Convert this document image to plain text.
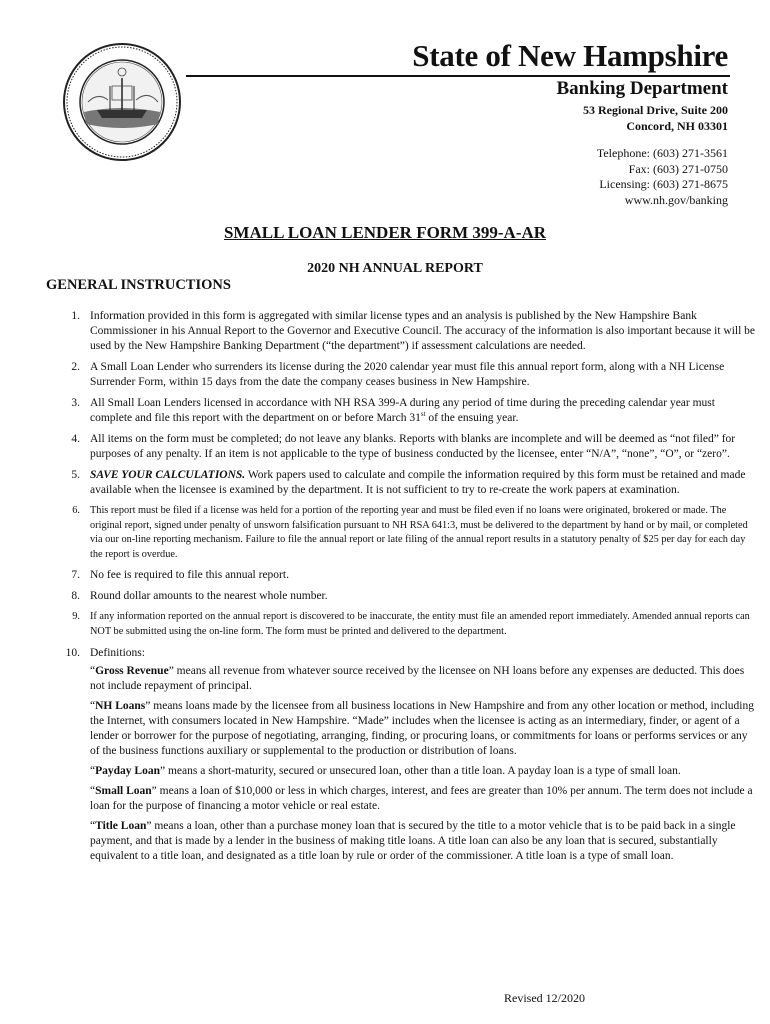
State of New Hampshire
Banking Department
53 Regional Drive, Suite 200
Concord, NH 03301
Telephone: (603) 271-3561
Fax: (603) 271-0750
Licensing: (603) 271-8675
www.nh.gov/banking
SMALL LOAN LENDER FORM 399-A-AR
2020 NH ANNUAL REPORT
GENERAL INSTRUCTIONS
1. Information provided in this form is aggregated with similar license types and an analysis is published by the New Hampshire Bank Commissioner in his Annual Report to the Governor and Executive Council. The accuracy of the information is also important because it will be used by the New Hampshire Banking Department (“the department”) if assessment calculations are needed.
2. A Small Loan Lender who surrenders its license during the 2020 calendar year must file this annual report form, along with a NH License Surrender Form, within 15 days from the date the company ceases business in New Hampshire.
3. All Small Loan Lenders licensed in accordance with NH RSA 399-A during any period of time during the preceding calendar year must complete and file this report with the department on or before March 31st of the ensuing year.
4. All items on the form must be completed; do not leave any blanks. Reports with blanks are incomplete and will be deemed as “not filed” for purposes of any penalty. If an item is not applicable to the type of business conducted by the licensee, enter “N/A”, “none”, “O”, or “zero”.
5. SAVE YOUR CALCULATIONS. Work papers used to calculate and compile the information required by this form must be retained and made available when the licensee is examined by the department. It is not sufficient to try to re-create the work papers at examination.
6. This report must be filed if a license was held for a portion of the reporting year and must be filed even if no loans were originated, brokered or made. The original report, signed under penalty of unsworn falsification pursuant to NH RSA 641:3, must be delivered to the department by hand or by mail, or completed via our on-line reporting mechanism. Failure to file the annual report or late filing of the annual report results in a statutory penalty of $25 per day for each day the report is overdue.
7. No fee is required to file this annual report.
8. Round dollar amounts to the nearest whole number.
9. If any information reported on the annual report is discovered to be inaccurate, the entity must file an amended report immediately. Amended annual reports can NOT be submitted using the on-line form. The form must be printed and delivered to the department.
10. Definitions:
“Gross Revenue” means all revenue from whatever source received by the licensee on NH loans before any expenses are deducted. This does not include repayment of principal.
“NH Loans” means loans made by the licensee from all business locations in New Hampshire and from any other location or method, including the Internet, with consumers located in New Hampshire. “Made” includes when the licensee is acting as an intermediary, finder, or agent of a lender or borrower for the purpose of negotiating, arranging, finding, or procuring loans, or commitments for loans or performs services or any of the business functions auxiliary or supplemental to the production or distribution of loans.
“Payday Loan” means a short-maturity, secured or unsecured loan, other than a title loan. A payday loan is a type of small loan.
“Small Loan” means a loan of $10,000 or less in which charges, interest, and fees are greater than 10% per annum. The term does not include a loan for the purpose of financing a motor vehicle or real estate.
“Title Loan” means a loan, other than a purchase money loan that is secured by the title to a motor vehicle that is to be paid back in a single payment, and that is made by a lender in the business of making title loans. A title loan can also be any loan that is secured, substantially equivalent to a title loan, and designated as a title loan by rule or order of the commissioner. A title loan is a type of small loan.
Revised 12/2020
